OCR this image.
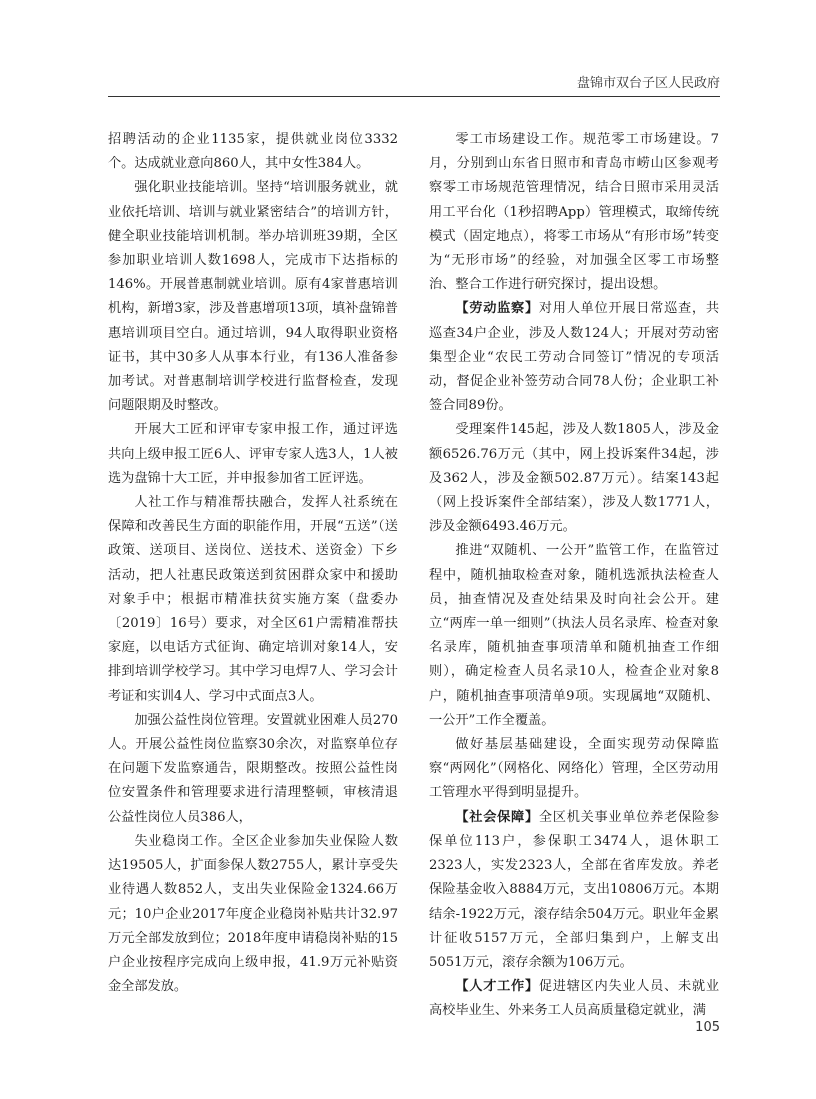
盘锦市双台子区人民政府

招聘活动的企业1135家，提供就业岗位3332个。达成就业意向860人，其中女性384人。

强化职业技能培训。坚持“培训服务就业，就业依托培训、培训与就业紧密结合”的培训方针，健全职业技能培训机制。举办培训班39期，全区参加职业培训人数1698人，完成市下达指标的146%。开展普惠制就业培训。原有4家普惠培训机构，新增3家，涉及普惠增项13项，填补盘锦普惠培训项目空白。通过培训，94人取得职业资格证书，其中30多人从事本行业，有136人准备参加考试。对普惠制培训学校进行监督检查，发现问题限期及时整改。

开展大工匠和评审专家申报工作，通过评选共向上级申报工匠6人、评审专家人选3人，1人被选为盘锦十大工匠，并申报参加省工匠评选。

人社工作与精准帮扶融合，发挥人社系统在保障和改善民生方面的职能作用，开展“五送”（送政策、送项目、送岗位、送技术、送资金）下乡活动，把人社惠民政策送到贫困群众家中和援助对象手中；根据市精准扶贫实施方案（盘委办〔2019〕16号）要求，对全区61户需精准帮扶家庭，以电话方式征询、确定培训对象14人，安排到培训学校学习。其中学习电焊7人、学习会计考证和实训4人、学习中式面点3人。

加强公益性岗位管理。安置就业困难人员270人。开展公益性岗位监察30余次，对监察单位存在问题下发监察通告，限期整改。按照公益性岗位安置条件和管理要求进行清理整顿，审核清退公益性岗位人员386人，

失业稳岗工作。全区企业参加失业保险人数达19505人，扩面参保人数2755人，累计享受失业待遇人数852人，支出失业保险金1324.66万元；10户企业2017年度企业稳岗补贴共计32.97万元全部发放到位；2018年度申请稳岗补贴的15户企业按程序完成向上级申报，41.9万元补贴资金全部发放。

零工市场建设工作。规范零工市场建设。7月，分别到山东省日照市和青岛市崂山区参观考察零工市场规范管理情况，结合日照市采用灵活用工平台化（1秒招聘App）管理模式，取缔传统模式（固定地点），将零工市场从“有形市场”转变为“无形市场”的经验，对加强全区零工市场整治、整合工作进行研究探讨，提出设想。

【劳动监察】对用人单位开展日常巡查，共巡查34户企业，涉及人数124人；开展对劳动密集型企业“农民工劳动合同签订”情况的专项活动，督促企业补签劳动合同78人份；企业职工补签合同89份。

受理案件145起，涉及人数1805人，涉及金额6526.76万元（其中，网上投诉案件34起，涉及362人，涉及金额502.87万元）。结案143起（网上投诉案件全部结案），涉及人数1771人，涉及金额6493.46万元。

推进“双随机、一公开”监管工作，在监管过程中，随机抽取检查对象，随机选派执法检查人员，抽查情况及查处结果及时向社会公开。建立“两库一单一细则”（执法人员名录库、检查对象名录库，随机抽查事项清单和随机抽查工作细则），确定检查人员名录10人，检查企业对象8户，随机抽查事项清单9项。实现属地“双随机、一公开”工作全覆盖。

做好基层基础建设，全面实现劳动保障监察“两网化”（网格化、网络化）管理，全区劳动用工管理水平得到明显提升。

【社会保障】全区机关事业单位养老保险参保单位113户，参保职工3474人，退休职工2323人，实发2323人，全部在省库发放。养老保险基金收入8884万元，支出10806万元。本期结余-1922万元，滚存结余504万元。职业年金累计征收5157万元，全部归集到户，上解支出5051万元，滚存余额为106万元。

【人才工作】促进辖区内失业人员、未就业高校毕业生、外来务工人员高质量稳定就业，满

105
